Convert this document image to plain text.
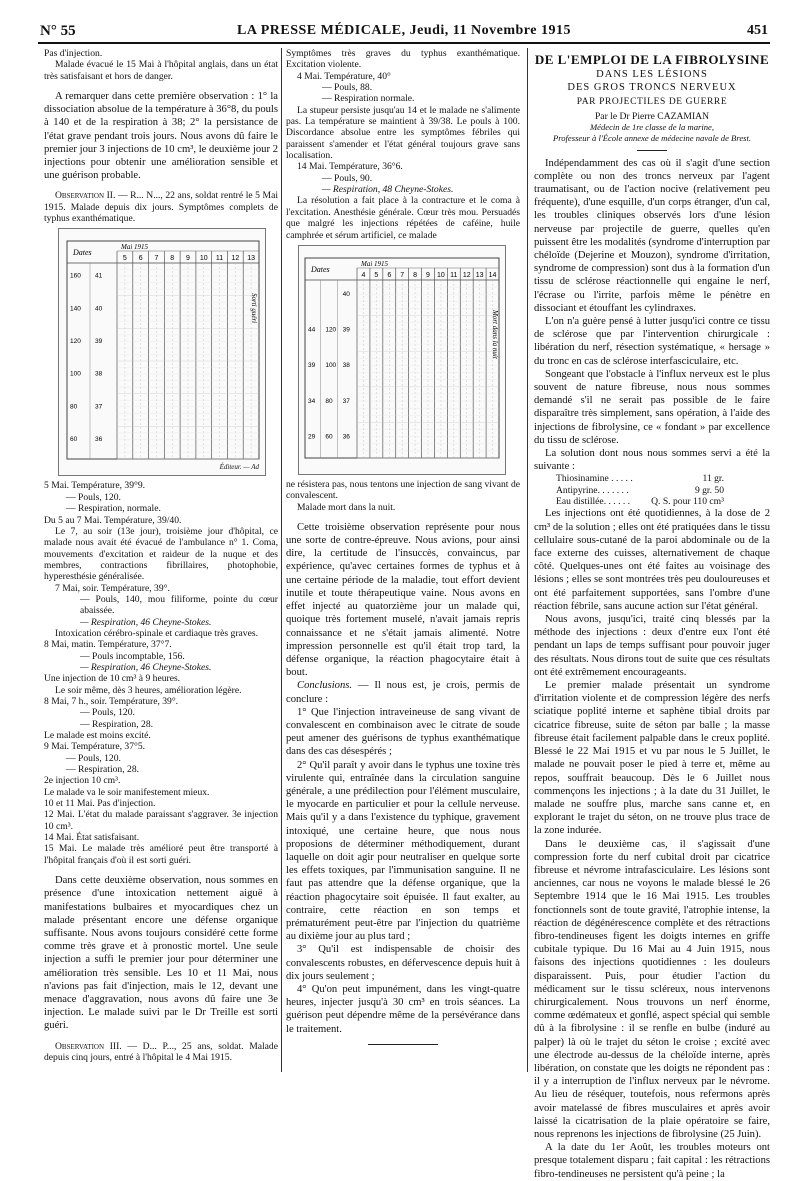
N° 55	LA PRESSE MÉDICALE, Jeudi, 11 Novembre 1915	451

Pas d'injection.

Malade évacué le 15 Mai à l'hôpital anglais, dans un état très satisfaisant et hors de danger.

A remarquer dans cette première observation : 1° la dissociation absolue de la température à 36°8, du pouls à 140 et de la respiration à 38; 2° la persistance de l'état grave pendant trois jours. Nous avons dû faire le premier jour 3 injections de 10 cm³, le deuxième jour 2 injections pour obtenir une amélioration sensible et une guérison probable.

Observation II. — R... N..., 22 ans, soldat rentré le 5 Mai 1915. Malade depuis dix jours. Symptômes complets de typhus exanthématique.

Dates
Mai 1915
5 6 7 8 9 10 11 12 13
160 41
140 40
120 39
100 38
80	37
60	36
Sorti guéri
Éditeur. — Ad

5 Mai. Température, 39°9.

— Pouls, 120.

— Respiration, normale.

Du 5 au 7 Mai. Température, 39/40.

Le 7, au soir (13e jour), troisième jour d'hôpital, ce malade nous avait été évacué de l'ambulance n° 1. Coma, mouvements d'excitation et raideur de la nuque et des membres, contractions fibrillaires, photophobie, hyperesthésie généralisée.

7 Mai, soir. Température, 39°.

— Pouls, 140, mou filiforme, pointe du cœur abaissée.

— Respiration, 46 Cheyne-Stokes.

Intoxication cérébro-spinale et cardiaque très graves.

8 Mai, matin. Température, 37°7.

— Pouls incomptable, 156.

— Respiration, 46 Cheyne-Stokes.

Une injection de 10 cm³ à 9 heures.

Le soir même, dès 3 heures, amélioration légère.

8 Mai, 7 h., soir. Température, 39°.

— Pouls, 120.

— Respiration, 28.

Le malade est moins excité.

9 Mai. Température, 37°5.

— Pouls, 120.

— Respiration, 28.

2e injection 10 cm³.

Le malade va le soir manifestement mieux.

10 et 11 Mai. Pas d'injection.

12 Mai. L'état du malade paraissant s'aggraver. 3e injection 10 cm³.

14 Mai. État satisfaisant.

15 Mai. Le malade très amélioré peut être transporté à l'hôpital français d'où il est sorti guéri.

Dans cette deuxième observation, nous sommes en présence d'une intoxication nettement aiguë à manifestations bulbaires et myocardiques chez un malade présentant encore une défense organique suffisante. Nous avons toujours considéré cette forme comme très grave et à pronostic mortel. Une seule injection a suffi le premier jour pour déterminer une amélioration très sensible. Les 10 et 11 Mai, nous n'avions pas fait d'injection, mais le 12, devant une menace d'aggravation, nous avons dû faire une 3e injection. Le malade suivi par le Dr Treille est sorti guéri.

Observation III. — D... P..., 25 ans, soldat. Malade depuis cinq jours, entré à l'hôpital le 4 Mai 1915.

Symptômes très graves du typhus exanthématique. Excitation violente.

4 Mai. Température, 40°

— Pouls, 88.

— Respiration normale.

La stupeur persiste jusqu'au 14 et le malade ne s'alimente pas. La température se maintient à 39/38. Le pouls à 100. Discordance absolue entre les symptômes fébriles qui paraissent s'amender et l'état général toujours grave sans localisation.

14 Mai. Température, 36°6.

— Pouls, 90.

— Respiration, 48 Cheyne-Stokes.

La résolution a fait place à la contracture et le coma à l'excitation. Anesthésie générale. Cœur très mou. Persuadés que malgré les injections répétées de caféine, huile camphrée et sérum artificiel, ce malade

Dates
Mai 1915
4 5 6 7 8 9 10 11 12 13 14
40
44 120 39
39 100 38
34 80 37
29 60 36
Mort dans la nuit

ne résistera pas, nous tentons une injection de sang vivant de convalescent.

Malade mort dans la nuit.

Cette troisième observation représente pour nous une sorte de contre-épreuve. Nous avions, pour ainsi dire, la certitude de l'insuccès, convaincus, par expérience, qu'avec certaines formes de typhus et à une certaine période de la maladie, tout effort devient inutile et toute thérapeutique vaine. Nous avons en effet injecté au quatorzième jour un malade qui, quoique très fortement muselé, n'avait jamais repris connaissance et ne s'était jamais alimenté. Notre impression personnelle est qu'il était trop tard, la défense organique, la réaction phagocytaire était à bout.

Conclusions. — Il nous est, je crois, permis de conclure :

1° Que l'injection intraveineuse de sang vivant de convalescent en combinaison avec le citrate de soude peut amener des guérisons de typhus exanthématique dans des cas désespérés ;

2° Qu'il paraît y avoir dans le typhus une toxine très virulente qui, entraînée dans la circulation sanguine générale, a une prédilection pour l'élément musculaire, le myocarde en particulier et pour la cellule nerveuse. Mais qu'il y a dans l'existence du typhique, gravement intoxiqué, une certaine heure, que nous nous proposions de déterminer méthodiquement, durant laquelle on doit agir pour neutraliser en quelque sorte les effets toxiques, par l'immunisation sanguine. Il ne faut pas attendre que la défense organique, que la réaction phagocytaire soit épuisée. Il faut exalter, au contraire, cette réaction en son temps et prématurément peut-être par l'injection du quatrième au dixième jour au plus tard ;

3° Qu'il est indispensable de choisir des convalescents robustes, en défervescence depuis huit à dix jours seulement ;

4° Qu'on peut impunément, dans les vingt-quatre heures, injecter jusqu'à 30 cm³ en trois séances. La guérison peut dépendre même de la persévérance dans le traitement.

DE L'EMPLOI DE LA FIBROLYSINE
DANS LES LÉSIONS
DES GROS TRONCS NERVEUX
PAR PROJECTILES DE GUERRE
Par le Dr Pierre CAZAMIAN
Médecin de 1re classe de la marine,
Professeur à l'École annexe de médecine navale de Brest.

Indépendamment des cas où il s'agit d'une section complète ou non des troncs nerveux par l'agent traumatisant, ou de l'action nocive (relativement peu fréquente), d'une esquille, d'un corps étranger, d'un cal, les troubles cliniques observés lors d'une lésion nerveuse par projectile de guerre, quelles qu'en puissent être les modalités (syndrome d'interruption par chéloïde (Dejerine et Mouzon), syndrome d'irritation, syndrome de compression) sont dus à la formation d'un tissu de sclérose réactionnelle qui engaine le nerf, l'écrase ou l'irrite, parfois même le pénètre en dissociant et étouffant les cylindraxes.

L'on n'a guère pensé à lutter jusqu'ici contre ce tissu de sclérose que par l'intervention chirurgicale : libération du nerf, résection systématique, « hersage » du tronc en cas de sclérose interfasciculaire, etc.

Songeant que l'obstacle à l'influx nerveux est le plus souvent de nature fibreuse, nous nous sommes demandé s'il ne serait pas possible de le faire disparaître très simplement, sans opération, à l'aide des injections de fibrolysine, ce « fondant » par excellence du tissu de sclérose.

La solution dont nous nous sommes servi a été la suivante :

Thiosinamine . . . . .	11 gr.
Antipyrine. . . . . . .	9 gr. 50
Eau distillée. . . . . . Q. S. pour 110 cm³

Les injections ont été quotidiennes, à la dose de 2 cm³ de la solution ; elles ont été pratiquées dans le tissu cellulaire sous-cutané de la paroi abdominale ou de la face externe des cuisses, alternativement de chaque côté. Quelques-unes ont été faites au voisinage des lésions ; elles se sont montrées très peu douloureuses et ont été parfaitement supportées, sans l'ombre d'une réaction fébrile, sans aucune action sur l'état général.

Nous avons, jusqu'ici, traité cinq blessés par la méthode des injections : deux d'entre eux l'ont été pendant un laps de temps suffisant pour pouvoir juger des résultats. Nous dirons tout de suite que ces résultats ont été extrêmement encourageants.

Le premier malade présentait un syndrome d'irritation violente et de compression légère des nerfs sciatique poplité interne et saphène tibial droits par cicatrice fibreuse, suite de séton par balle ; la masse fibreuse était facilement palpable dans le creux poplité. Blessé le 22 Mai 1915 et vu par nous le 5 Juillet, le malade ne pouvait poser le pied à terre et, même au repos, souffrait beaucoup. Dès le 6 Juillet nous commençons les injections ; à la date du 31 Juillet, le malade ne souffre plus, marche sans canne et, en explorant le trajet du séton, on ne trouve plus trace de la zone indurée.

Dans le deuxième cas, il s'agissait d'une compression forte du nerf cubital droit par cicatrice fibreuse et névrome intrafasciculaire. Les lésions sont anciennes, car nous ne voyons le malade blessé le 26 Septembre 1914 que le 16 Mai 1915. Les troubles fonctionnels sont de toute gravité, l'atrophie intense, la réaction de dégénérescence complète et des rétractions fibro-tendineuses figent les doigts internes en griffe cubitale typique. Du 16 Mai au 4 Juin 1915, nous faisons des injections quotidiennes : les douleurs disparaissent. Puis, pour étudier l'action du médicament sur le tissu scléreux, nous intervenons chirurgicalement. Nous trouvons un nerf énorme, comme œdémateux et gonflé, aspect spécial qui semble dû à la fibrolysine : il se renfle en bulbe (induré au palper) là où le trajet du séton le croise ; excité avec une électrode au-dessus de la chéloïde interne, après libération, on constate que les doigts ne répondent pas : il y a interruption de l'influx nerveux par le névrome. Au lieu de réséquer, toutefois, nous refermons après avoir matelassé de fibres musculaires et après avoir laissé la cicatrisation de la plaie opératoire se faire, nous reprenons les injections de fibrolysine (25 Juin).

A la date du 1er Août, les troubles moteurs ont presque totalement disparu ; fait capital : les rétractions fibro-tendineuses ne persistent qu'à peine ; la
